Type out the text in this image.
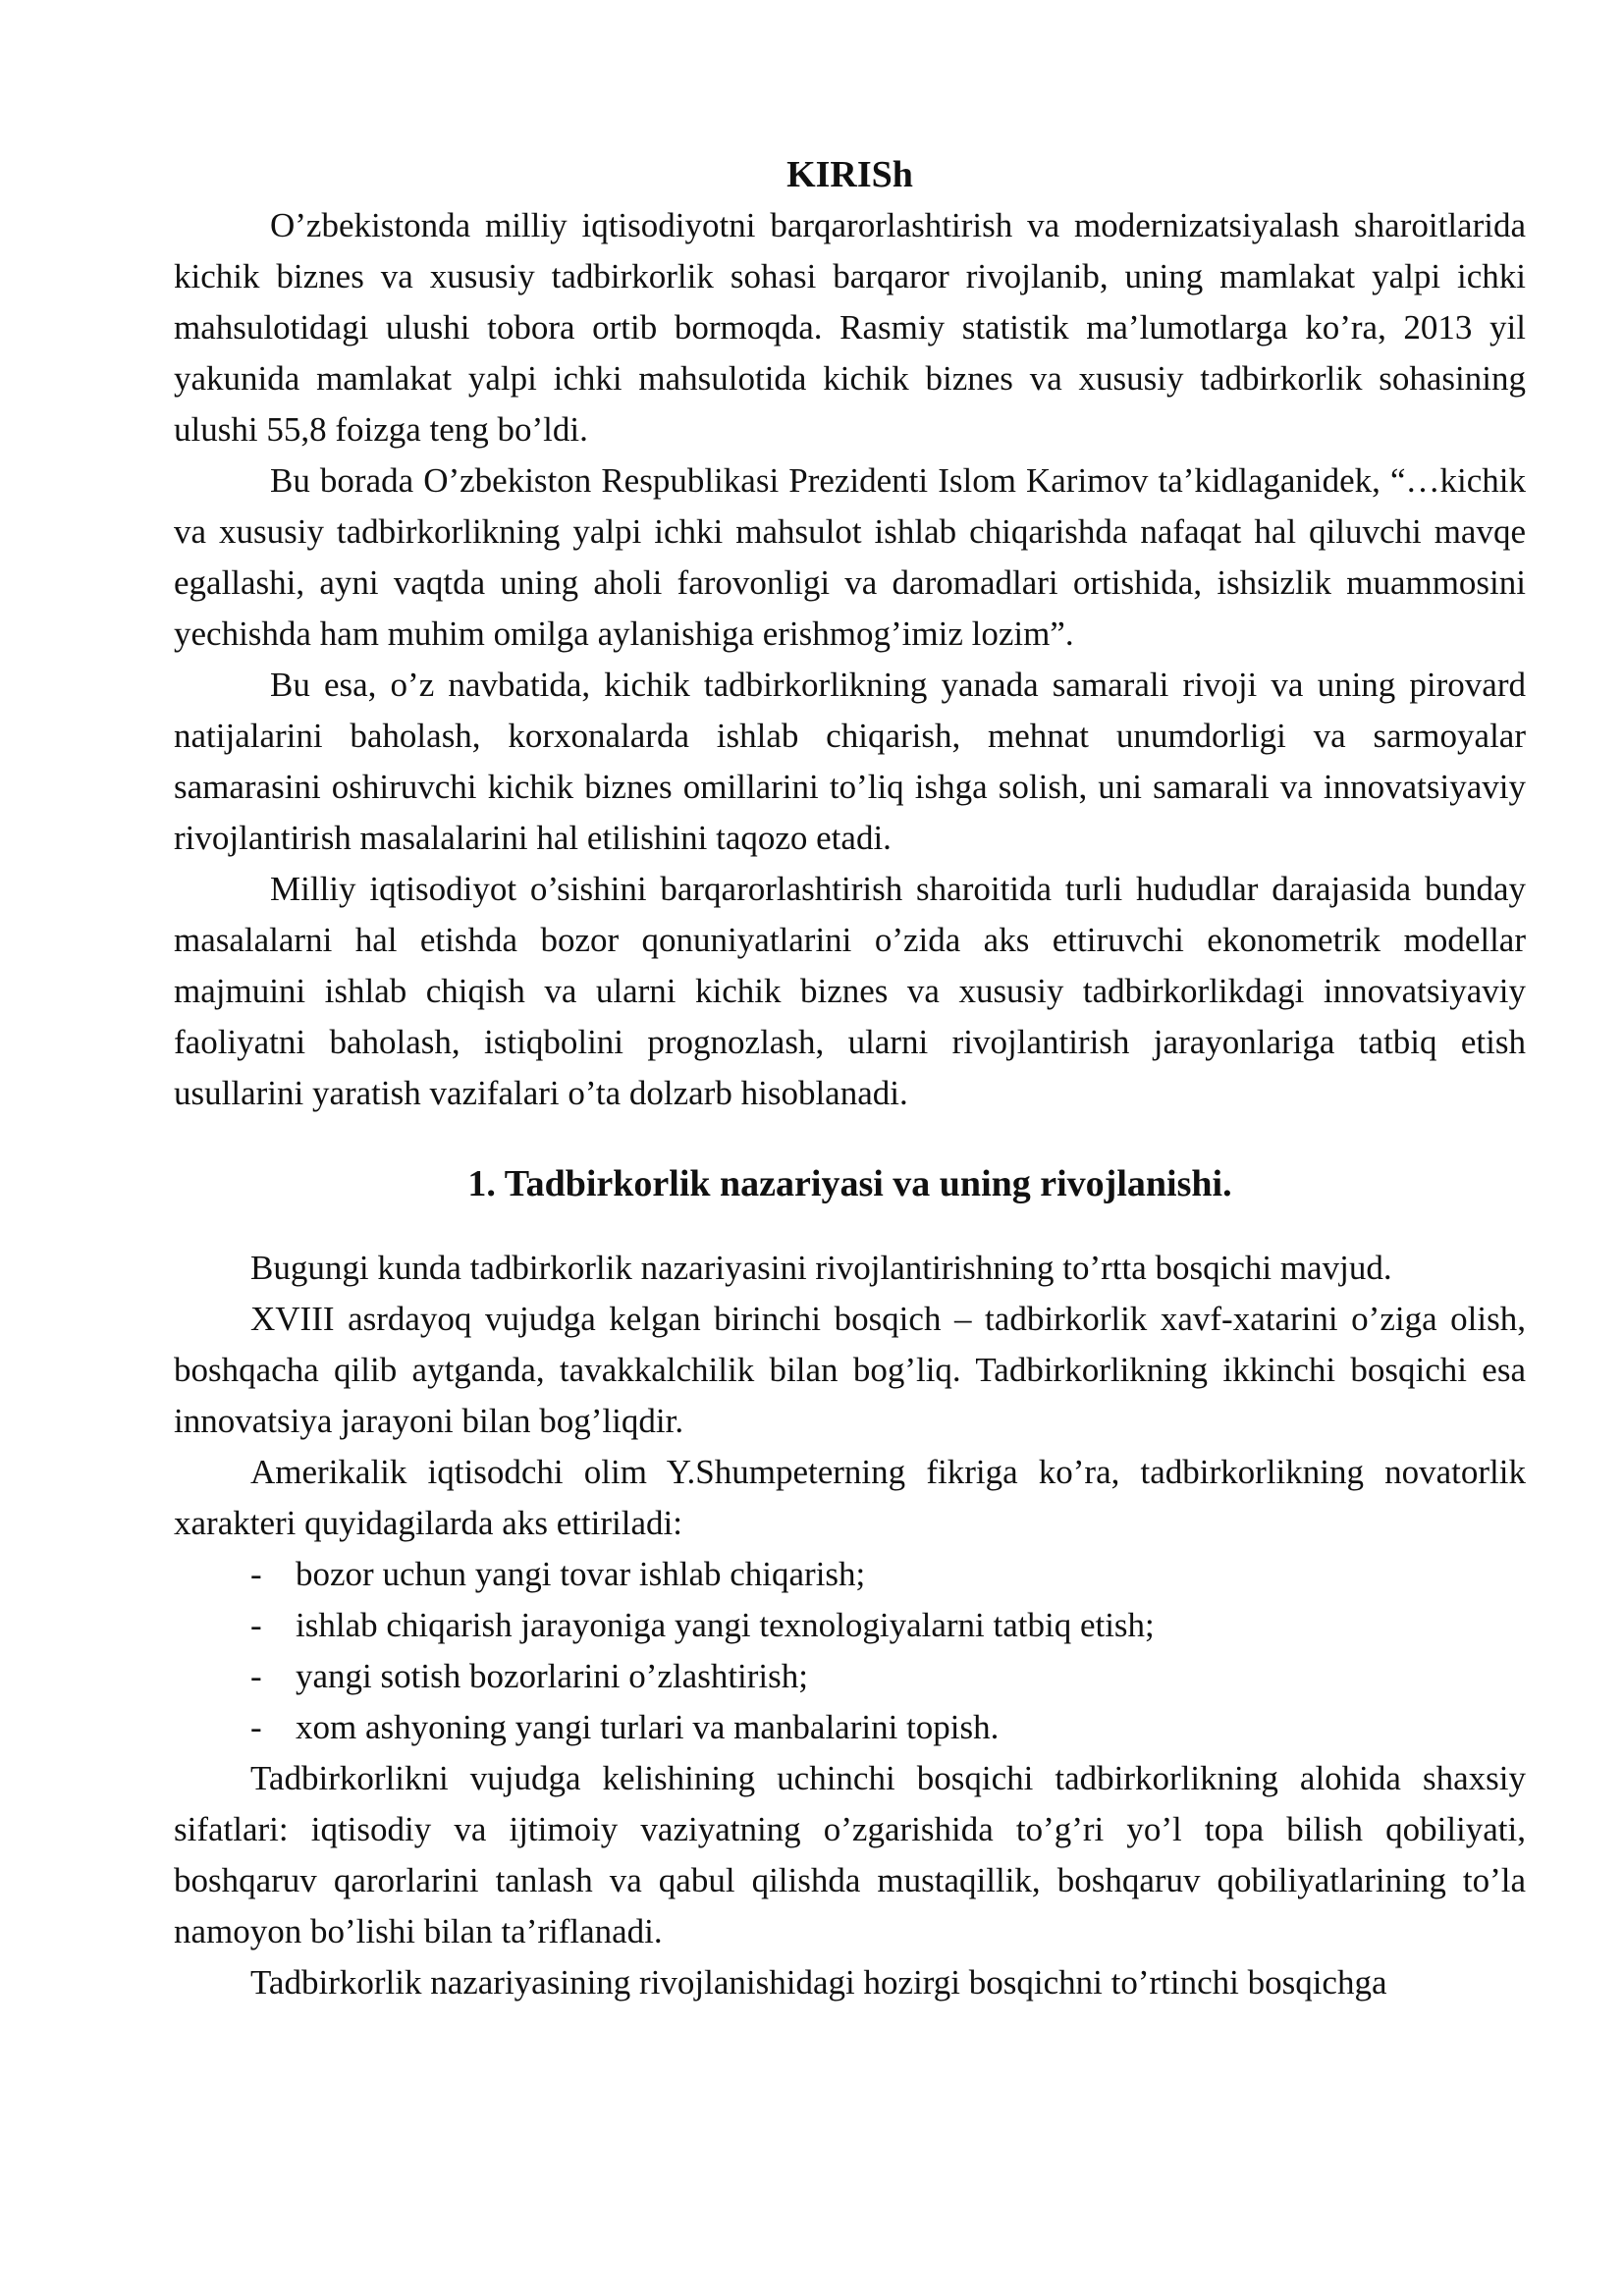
KIRISh

O’zbekistonda milliy iqtisodiyotni barqarorlashtirish va modernizatsiyalash sharoitlarida kichik biznes va xususiy tadbirkorlik sohasi barqaror rivojlanib, uning mamlakat yalpi ichki mahsulotidagi ulushi tobora ortib bormoqda. Rasmiy statistik ma’lumotlarga ko’ra, 2013 yil yakunida mamlakat yalpi ichki mahsulotida kichik biznes va xususiy tadbirkorlik sohasining ulushi 55,8 foizga teng bo’ldi.

Bu borada O’zbekiston Respublikasi Prezidenti Islom Karimov ta’kidlaganidek, “…kichik va xususiy tadbirkorlikning yalpi ichki mahsulot ishlab chiqarishda nafaqat hal qiluvchi mavqe egallashi, ayni vaqtda uning aholi farovonligi va daromadlari ortishida, ishsizlik muammosini yechishda ham muhim omilga aylanishiga erishmog’imiz lozim”.

Bu esa, o’z navbatida, kichik tadbirkorlikning yanada samarali rivoji va uning pirovard natijalarini baholash, korxonalarda ishlab chiqarish, mehnat unumdorligi va sarmoyalar samarasini oshiruvchi kichik biznes omillarini to’liq ishga solish, uni samarali va innovatsiyaviy rivojlantirish masalalarini hal etilishini taqozo etadi.

Milliy iqtisodiyot o’sishini barqarorlashtirish sharoitida turli hududlar darajasida bunday masalalarni hal etishda bozor qonuniyatlarini o’zida aks ettiruvchi ekonometrik modellar majmuini ishlab chiqish va ularni kichik biznes va xususiy tadbirkorlikdagi innovatsiyaviy faoliyatni baholash, istiqbolini prognozlash, ularni rivojlantirish jarayonlariga tatbiq etish usullarini yaratish vazifalari o’ta dolzarb hisoblanadi.

1. Tadbirkorlik nazariyasi va uning rivojlanishi.

Bugungi kunda tadbirkorlik nazariyasini rivojlantirishning to’rtta bosqichi mavjud.

XVIII asrdayoq vujudga kelgan birinchi bosqich – tadbirkorlik xavf-xatarini o’ziga olish, boshqacha qilib aytganda, tavakkalchilik bilan bog’liq. Tadbirkorlikning ikkinchi bosqichi esa innovatsiya jarayoni bilan bog’liqdir.

Amerikalik iqtisodchi olim Y.Shumpeterning fikriga ko’ra, tadbirkorlikning novatorlik xarakteri quyidagilarda aks ettiriladi:

- bozor uchun yangi tovar ishlab chiqarish;
- ishlab chiqarish jarayoniga yangi texnologiyalarni tatbiq etish;
- yangi sotish bozorlarini o’zlashtirish;
- xom ashyoning yangi turlari va manbalarini topish.

Tadbirkorlikni vujudga kelishining uchinchi bosqichi tadbirkorlikning alohida shaxsiy sifatlari: iqtisodiy va ijtimoiy vaziyatning o’zgarishida to’g’ri yo’l topa bilish qobiliyati, boshqaruv qarorlarini tanlash va qabul qilishda mustaqillik, boshqaruv qobiliyatlarining to’la namoyon bo’lishi bilan ta’riflanadi.

Tadbirkorlik nazariyasining rivojlanishidagi hozirgi bosqichni to’rtinchi bosqichga
